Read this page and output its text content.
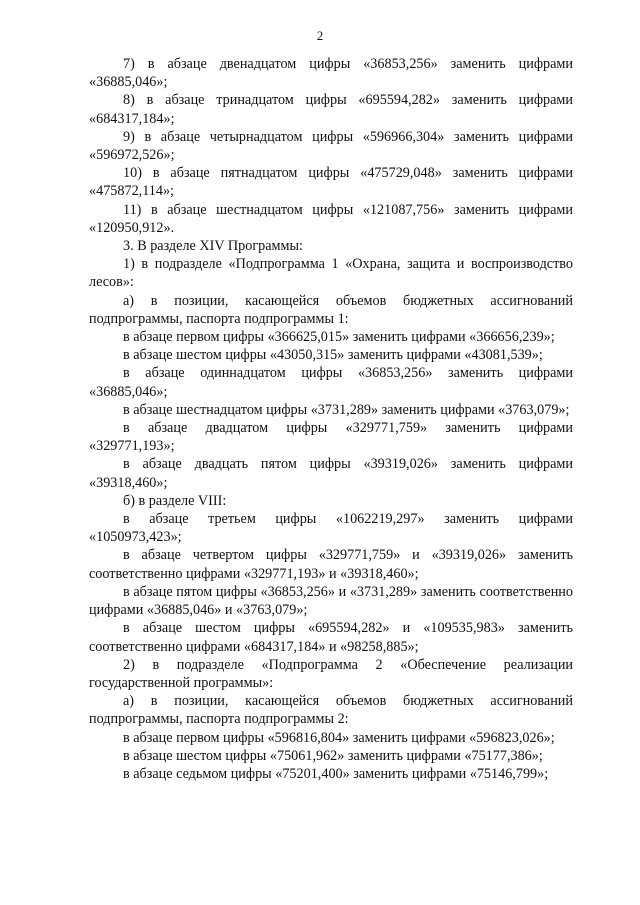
2

7) в абзаце двенадцатом цифры «36853,256» заменить цифрами «36885,046»;

8) в абзаце тринадцатом цифры «695594,282» заменить цифрами «684317,184»;

9) в абзаце четырнадцатом цифры «596966,304» заменить цифрами «596972,526»;

10) в абзаце пятнадцатом цифры «475729,048» заменить цифрами «475872,114»;

11) в абзаце шестнадцатом цифры «121087,756» заменить цифрами «120950,912».

3. В разделе XIV Программы:

1) в подразделе «Подпрограмма 1 «Охрана, защита и воспроизводство лесов»:

а) в позиции, касающейся объемов бюджетных ассигнований подпрограммы, паспорта подпрограммы 1:

в абзаце первом цифры «366625,015» заменить цифрами «366656,239»;

в абзаце шестом цифры «43050,315» заменить цифрами «43081,539»;

в абзаце одиннадцатом цифры «36853,256» заменить цифрами «36885,046»;

в абзаце шестнадцатом цифры «3731,289» заменить цифрами «3763,079»;

в абзаце двадцатом цифры «329771,759» заменить цифрами «329771,193»;

в абзаце двадцать пятом цифры «39319,026» заменить цифрами «39318,460»;

б) в разделе VIII:

в абзаце третьем цифры «1062219,297» заменить цифрами «1050973,423»;

в абзаце четвертом цифры «329771,759» и «39319,026» заменить соответственно цифрами «329771,193» и «39318,460»;

в абзаце пятом цифры «36853,256» и «3731,289» заменить соответственно цифрами «36885,046» и «3763,079»;

в абзаце шестом цифры «695594,282» и «109535,983» заменить соответственно цифрами «684317,184» и «98258,885»;

2) в подразделе «Подпрограмма 2 «Обеспечение реализации государственной программы»:

а) в позиции, касающейся объемов бюджетных ассигнований подпрограммы, паспорта подпрограммы 2:

в абзаце первом цифры «596816,804» заменить цифрами «596823,026»;

в абзаце шестом цифры «75061,962» заменить цифрами «75177,386»;

в абзаце седьмом цифры «75201,400» заменить цифрами «75146,799»;
